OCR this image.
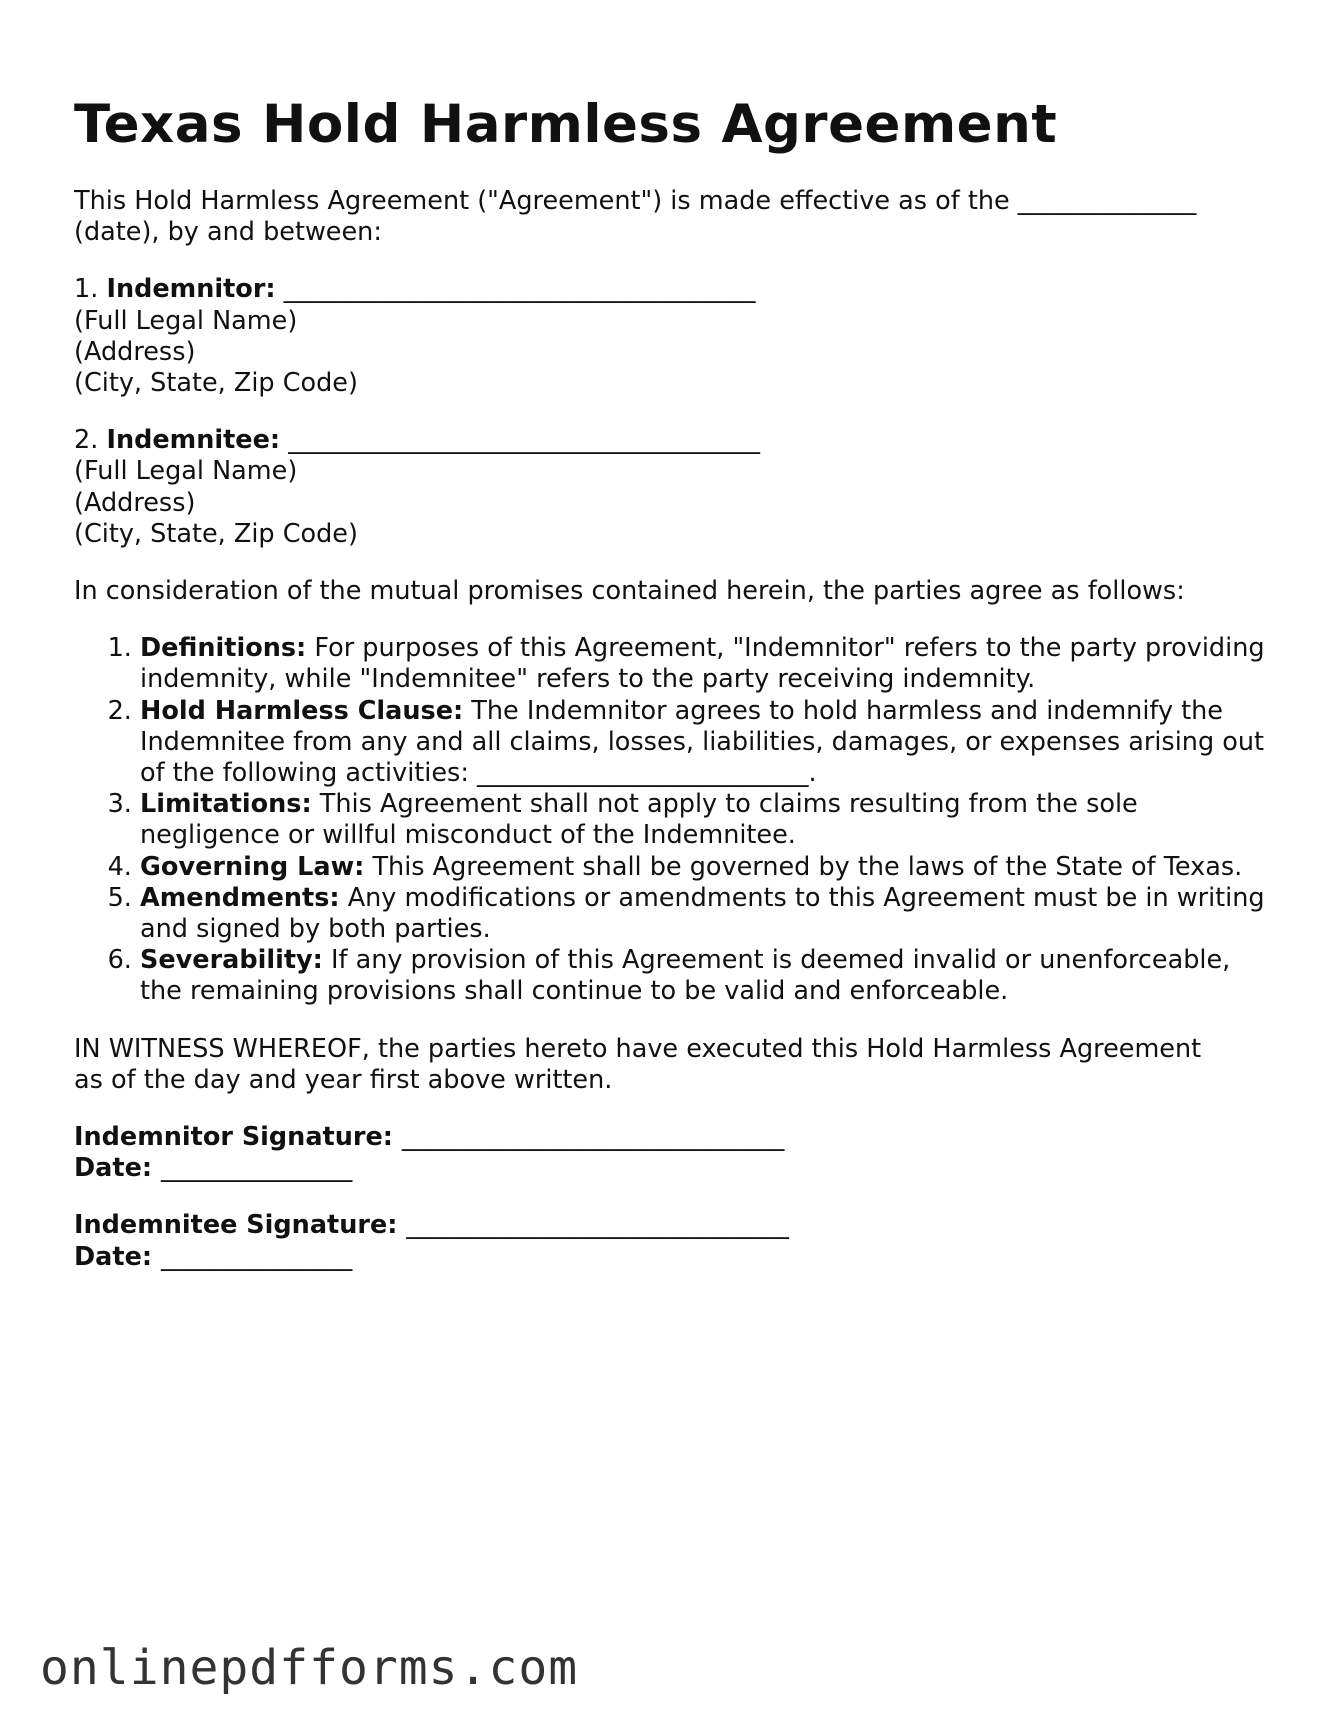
Texas Hold Harmless Agreement
This Hold Harmless Agreement ("Agreement") is made effective as of the ______________
(date), by and between:
1. Indemnitor: _____________________________________
(Full Legal Name)
(Address)
(City, State, Zip Code)
2. Indemnitee: _____________________________________
(Full Legal Name)
(Address)
(City, State, Zip Code)
In consideration of the mutual promises contained herein, the parties agree as follows:
1. Definitions: For purposes of this Agreement, "Indemnitor" refers to the party providing indemnity, while "Indemnitee" refers to the party receiving indemnity.
2. Hold Harmless Clause: The Indemnitor agrees to hold harmless and indemnify the Indemnitee from any and all claims, losses, liabilities, damages, or expenses arising out of the following activities: __________________________.
3. Limitations: This Agreement shall not apply to claims resulting from the sole negligence or willful misconduct of the Indemnitee.
4. Governing Law: This Agreement shall be governed by the laws of the State of Texas.
5. Amendments: Any modifications or amendments to this Agreement must be in writing and signed by both parties.
6. Severability: If any provision of this Agreement is deemed invalid or unenforceable, the remaining provisions shall continue to be valid and enforceable.
IN WITNESS WHEREOF, the parties hereto have executed this Hold Harmless Agreement
as of the day and year first above written.
Indemnitor Signature: ______________________________
Date: _______________
Indemnitee Signature: ______________________________
Date: _______________
onlinepdfforms.com
